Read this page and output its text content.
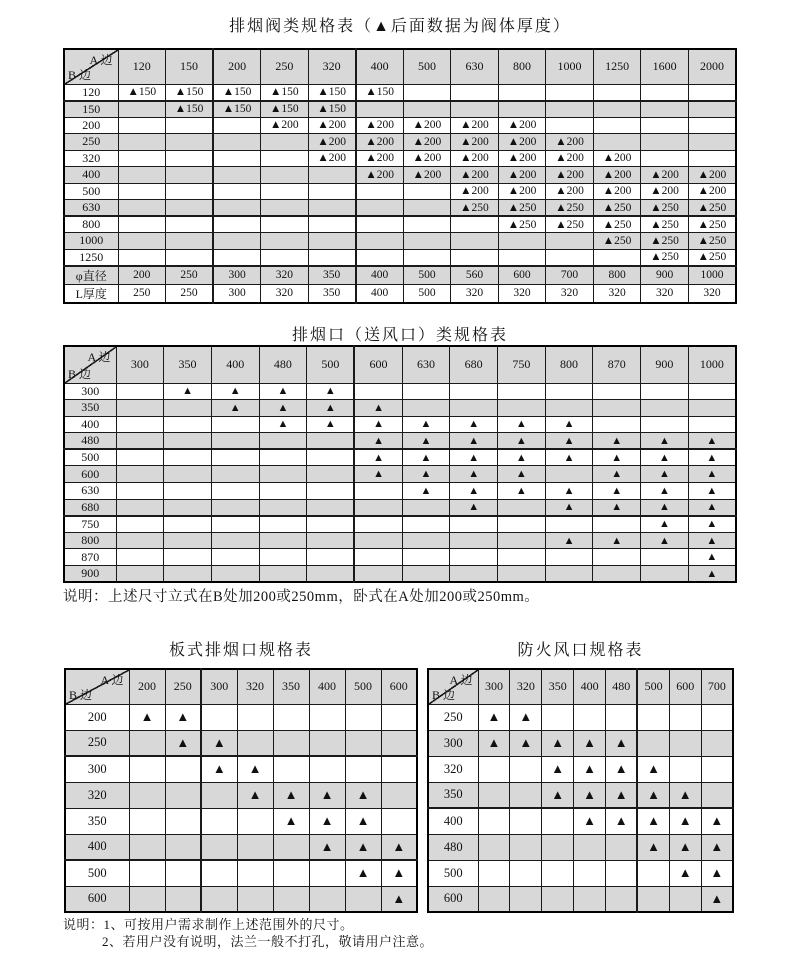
排烟阀类规格表（▲后面数据为阀体厚度）
A 边
B 边	120	150	200	250	320	400	500	630	800	1000	1250	1600	2000
120	▲150	▲150	▲150	▲150	▲150	▲150							
150		▲150	▲150	▲150	▲150								
200				▲200	▲200	▲200	▲200	▲200	▲200				
250					▲200	▲200	▲200	▲200	▲200	▲200			
320					▲200	▲200	▲200	▲200	▲200	▲200	▲200		
400						▲200	▲200	▲200	▲200	▲200	▲200	▲200	▲200
500								▲200	▲200	▲200	▲200	▲200	▲200
630								▲250	▲250	▲250	▲250	▲250	▲250
800									▲250	▲250	▲250	▲250	▲250
1000											▲250	▲250	▲250
1250												▲250	▲250
φ直径	200	250	300	320	350	400	500	560	600	700	800	900	1000
L厚度	250	250	300	320	350	400	500	320	320	320	320	320	320
排烟口（送风口）类规格表
A 边
B 边	300	350	400	480	500	600	630	680	750	800	870	900	1000
300		▲	▲	▲	▲								
350			▲	▲	▲	▲							
400				▲	▲	▲	▲	▲	▲	▲			
480						▲	▲	▲	▲	▲	▲	▲	▲
500						▲	▲	▲	▲	▲	▲	▲	▲
600						▲	▲	▲	▲		▲	▲	▲
630							▲	▲	▲	▲	▲	▲	▲
680								▲		▲	▲	▲	▲
750												▲	▲
800										▲	▲	▲	▲
870													▲
900													▲
说明：上述尺寸立式在B处加200或250mm，卧式在A处加200或250mm。
板式排烟口规格表	防火风口规格表
A 边
B 边	200	250	300	320	350	400	500	600
200	▲	▲						
250		▲	▲					
300			▲	▲				
320				▲	▲	▲	▲	
350					▲	▲	▲	
400						▲	▲	▲
500							▲	▲
600								▲
A 边
B 边	300	320	350	400	480	500	600	700
250	▲	▲						
300	▲	▲	▲	▲	▲			
320			▲	▲	▲	▲		
350			▲	▲	▲	▲	▲	
400				▲	▲	▲	▲	▲
480						▲	▲	▲
500							▲	▲
600								▲
说明：1、可按用户需求制作上述范围外的尺寸。
2、若用户没有说明，法兰一般不打孔，敬请用户注意。
